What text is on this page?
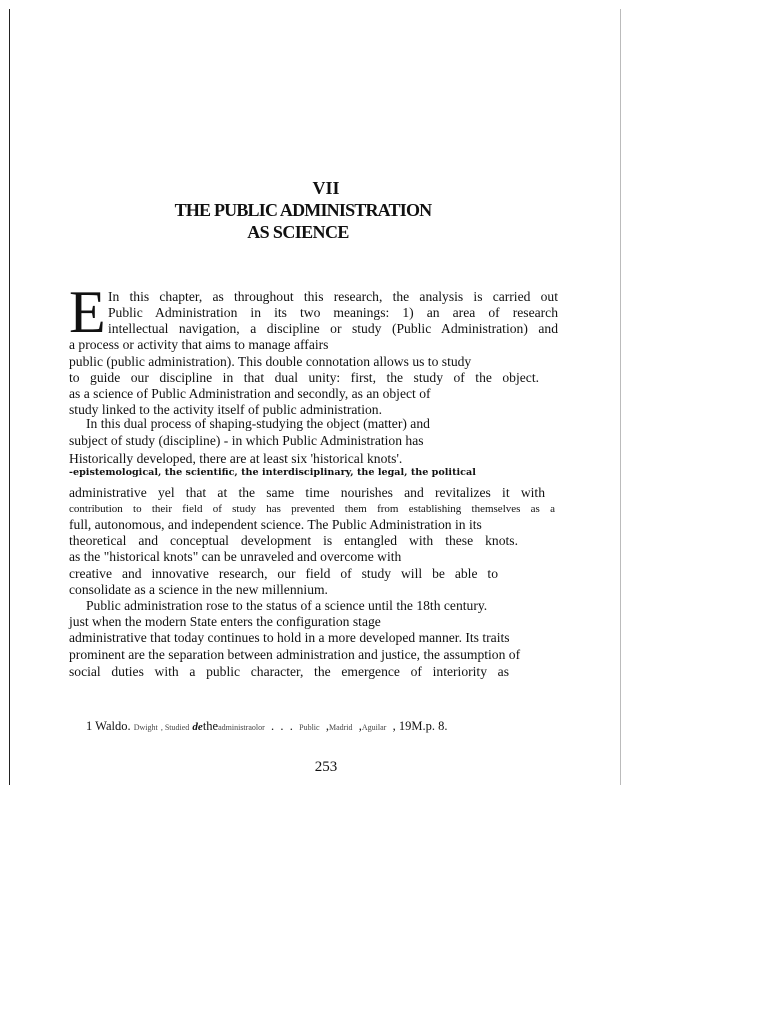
VII
THE PUBLIC ADMINISTRATION
AS SCIENCE
E In this chapter, as throughout this research, the analysis is carried out
Public Administration in its two meanings: 1) an area of research
intellectual navigation, a discipline or study (Public Administration) and
a process or activity that aims to manage affairs
public (public administration). This double connotation allows us to study
to guide our discipline in that dual unity: first, the study of the object.
as a science of Public Administration and secondly, as an object of
study linked to the activity itself of public administration.
In this dual process of shaping-studying the object (matter) and
subject of study (discipline) - in which Public Administration has
Historically developed, there are at least six 'historical knots'.
-epistemological, the scientific, the interdisciplinary, the legal, the political
administrative yel that at the same time nourishes and revitalizes it with
contribution to their field of study has prevented them from establishing themselves as a
full, autonomous, and independent science. The Public Administration in its
theoretical and conceptual development is entangled with these knots.
as the "historical knots" can be unraveled and overcome with
creative and innovative research, our field of study will be able to
consolidate as a science in the new millennium.
Public administration rose to the status of a science until the 18th century.
just when the modern State enters the configuration stage
administrative that today continues to hold in a more developed manner. Its traits
prominent are the separation between administration and justice, the assumption of
social duties with a public character, the emergence of interiority as
1 Waldo. Dwight , Studied detheadministraolor  .  .  .  Public  ,Madrid  ,Aguilar  , 19M.p. 8.
253
